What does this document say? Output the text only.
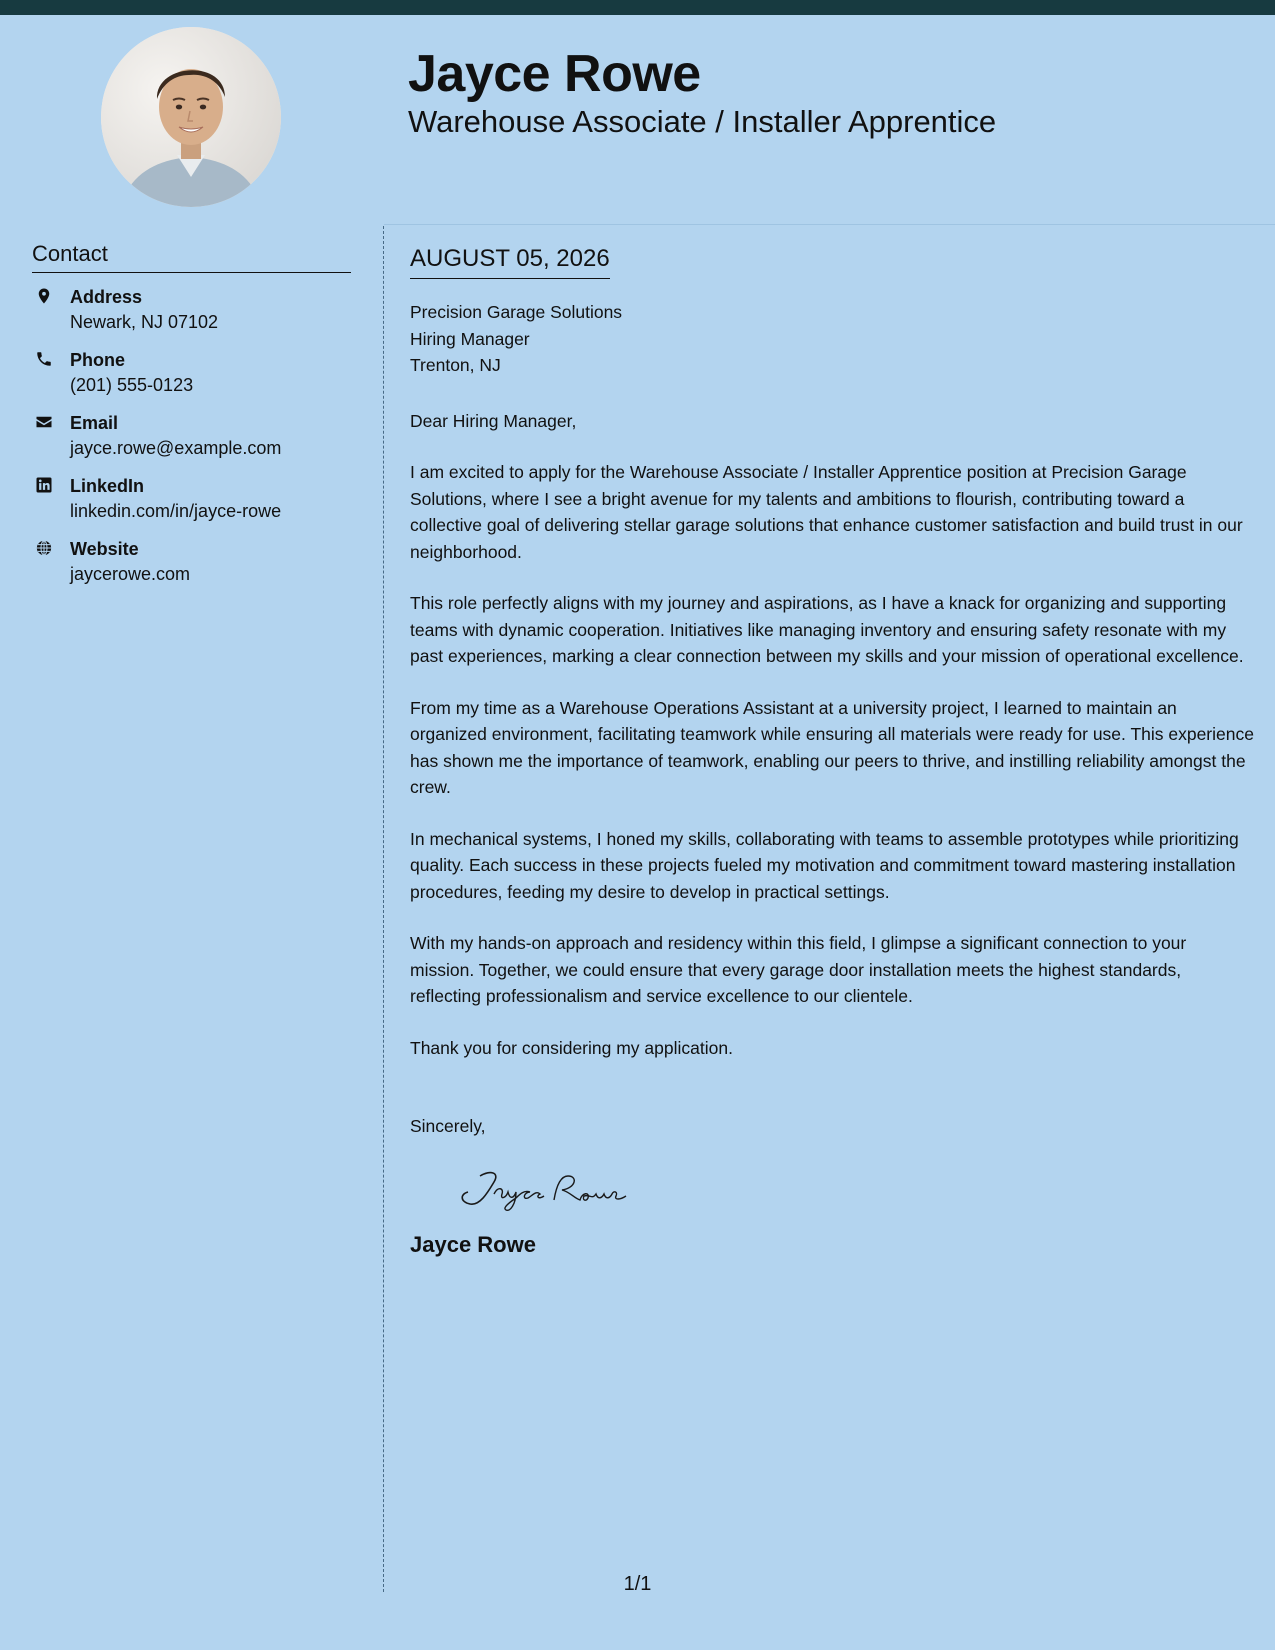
Jayce Rowe
Warehouse Associate / Installer Apprentice
Contact
Address
Newark, NJ 07102
Phone
(201) 555-0123
Email
jayce.rowe@example.com
LinkedIn
linkedin.com/in/jayce-rowe
Website
jaycerowe.com
AUGUST 05, 2026
Precision Garage Solutions
Hiring Manager
Trenton, NJ
Dear Hiring Manager,

I am excited to apply for the Warehouse Associate / Installer Apprentice position at Precision Garage Solutions, where I see a bright avenue for my talents and ambitions to flourish, contributing toward a collective goal of delivering stellar garage solutions that enhance customer satisfaction and build trust in our neighborhood.

This role perfectly aligns with my journey and aspirations, as I have a knack for organizing and supporting teams with dynamic cooperation. Initiatives like managing inventory and ensuring safety resonate with my past experiences, marking a clear connection between my skills and your mission of operational excellence.

From my time as a Warehouse Operations Assistant at a university project, I learned to maintain an organized environment, facilitating teamwork while ensuring all materials were ready for use. This experience has shown me the importance of teamwork, enabling our peers to thrive, and instilling reliability amongst the crew.

In mechanical systems, I honed my skills, collaborating with teams to assemble prototypes while prioritizing quality. Each success in these projects fueled my motivation and commitment toward mastering installation procedures, feeding my desire to develop in practical settings.

With my hands-on approach and residency within this field, I glimpse a significant connection to your mission. Together, we could ensure that every garage door installation meets the highest standards, reflecting professionalism and service excellence to our clientele.

Thank you for considering my application.

Sincerely,
Jayce Rowe
1/1
